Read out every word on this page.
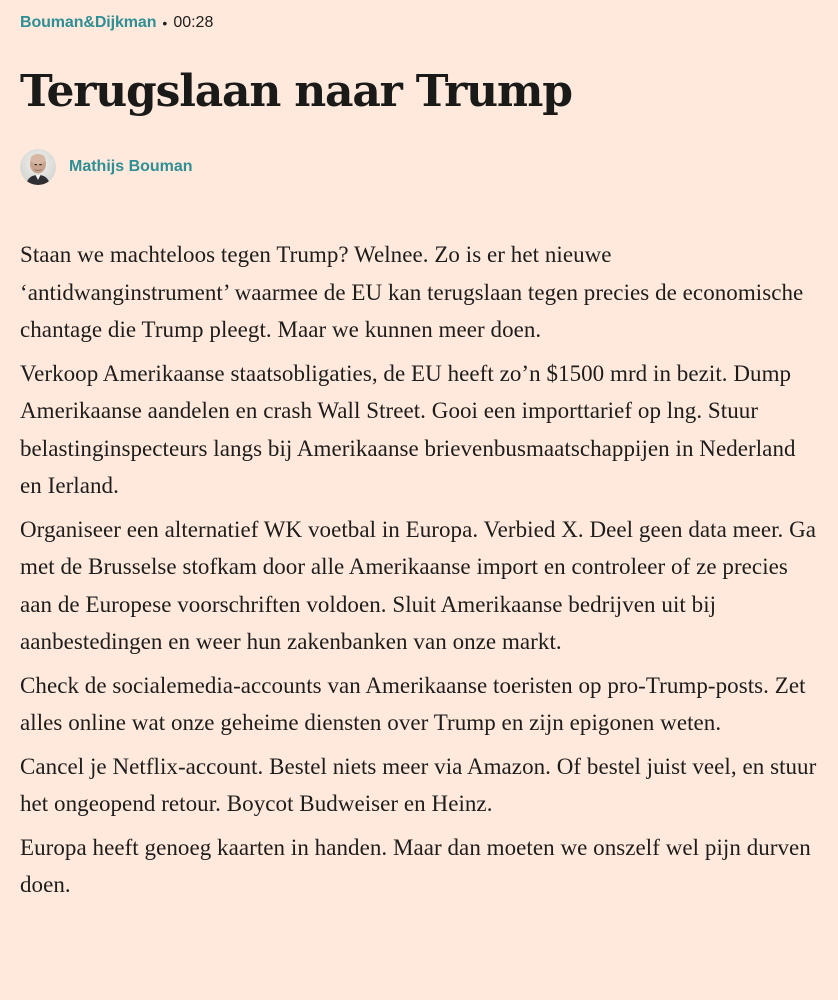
Bouman&Dijkman • 00:28
Terugslaan naar Trump
Mathijs Bouman

Staan we machteloos tegen Trump? Welnee. Zo is er het nieuwe ‘antidwanginstrument’ waarmee de EU kan terugslaan tegen precies de economische chantage die Trump pleegt. Maar we kunnen meer doen.

Verkoop Amerikaanse staatsobligaties, de EU heeft zo’n $1500 mrd in bezit. Dump Amerikaanse aandelen en crash Wall Street. Gooi een importtarief op lng. Stuur belastinginspecteurs langs bij Amerikaanse brievenbusmaatschappijen in Nederland en Ierland.

Organiseer een alternatief WK voetbal in Europa. Verbied X. Deel geen data meer. Ga met de Brusselse stofkam door alle Amerikaanse import en controleer of ze precies aan de Europese voorschriften voldoen. Sluit Amerikaanse bedrijven uit bij aanbestedingen en weer hun zakenbanken van onze markt.

Check de socialemedia-accounts van Amerikaanse toeristen op pro-Trump-posts. Zet alles online wat onze geheime diensten over Trump en zijn epigonen weten.

Cancel je Netflix-account. Bestel niets meer via Amazon. Of bestel juist veel, en stuur het ongeopend retour. Boycot Budweiser en Heinz.

Europa heeft genoeg kaarten in handen. Maar dan moeten we onszelf wel pijn durven doen.
